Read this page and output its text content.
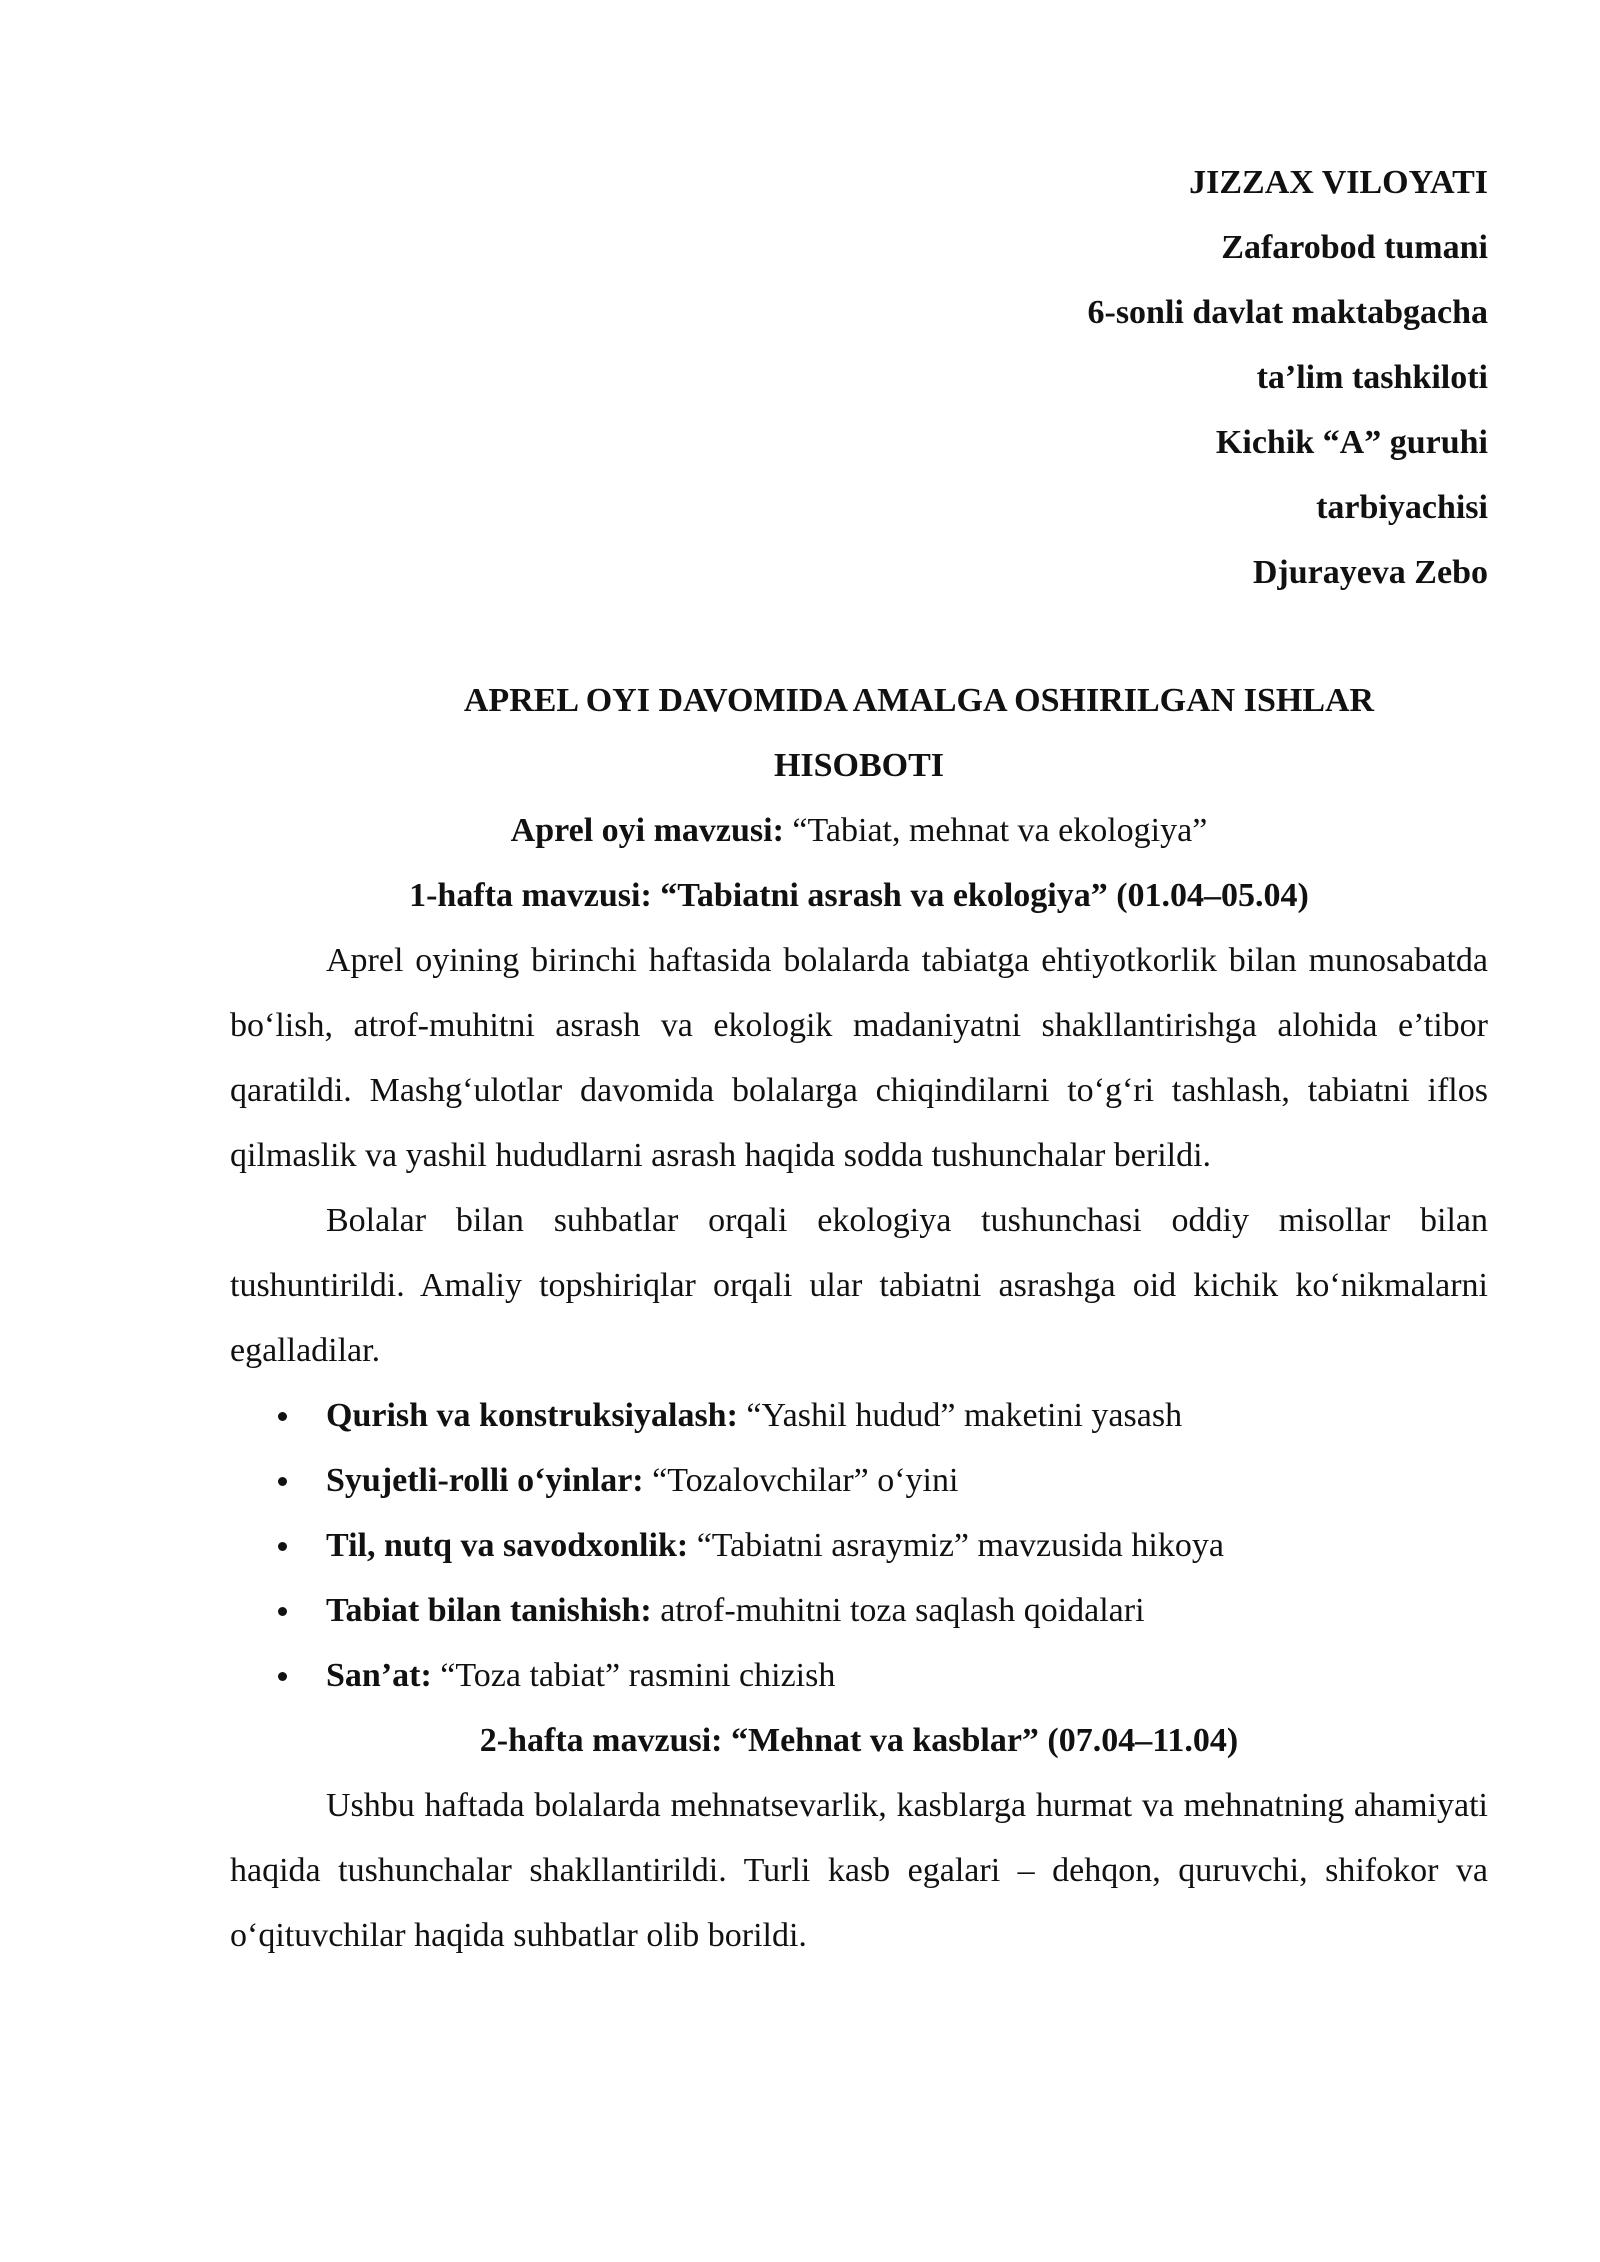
JIZZAX VILOYATI
Zafarobod tumani
6-sonli davlat maktabgacha
ta’lim tashkiloti
Kichik “A” guruhi
tarbiyachisi
Djurayeva Zebo
APREL OYI DAVOMIDA AMALGA OSHIRILGAN ISHLAR
HISOBOTI
Aprel oyi mavzusi: “Tabiat, mehnat va ekologiya”
1-hafta mavzusi: “Tabiatni asrash va ekologiya” (01.04–05.04)

Aprel oyining birinchi haftasida bolalarda tabiatga ehtiyotkorlik bilan munosabatda bo‘lish, atrof-muhitni asrash va ekologik madaniyatni shakllantirishga alohida e’tibor qaratildi. Mashg‘ulotlar davomida bolalarga chiqindilarni to‘g‘ri tashlash, tabiatni iflos qilmaslik va yashil hududlarni asrash haqida sodda tushunchalar berildi.

Bolalar bilan suhbatlar orqali ekologiya tushunchasi oddiy misollar bilan tushuntirildi. Amaliy topshiriqlar orqali ular tabiatni asrashga oid kichik ko‘nikmalarni egalladilar.

Qurish va konstruksiyalash: “Yashil hudud” maketini yasash
Syujetli-rolli o‘yinlar: “Tozalovchilar” o‘yini
Til, nutq va savodxonlik: “Tabiatni asraymiz” mavzusida hikoya
Tabiat bilan tanishish: atrof-muhitni toza saqlash qoidalari
San’at: “Toza tabiat” rasmini chizish
2-hafta mavzusi: “Mehnat va kasblar” (07.04–11.04)

Ushbu haftada bolalarda mehnatsevarlik, kasblarga hurmat va mehnatning ahamiyati haqida tushunchalar shakllantirildi. Turli kasb egalari – dehqon, quruvchi, shifokor va o‘qituvchilar haqida suhbatlar olib borildi.
